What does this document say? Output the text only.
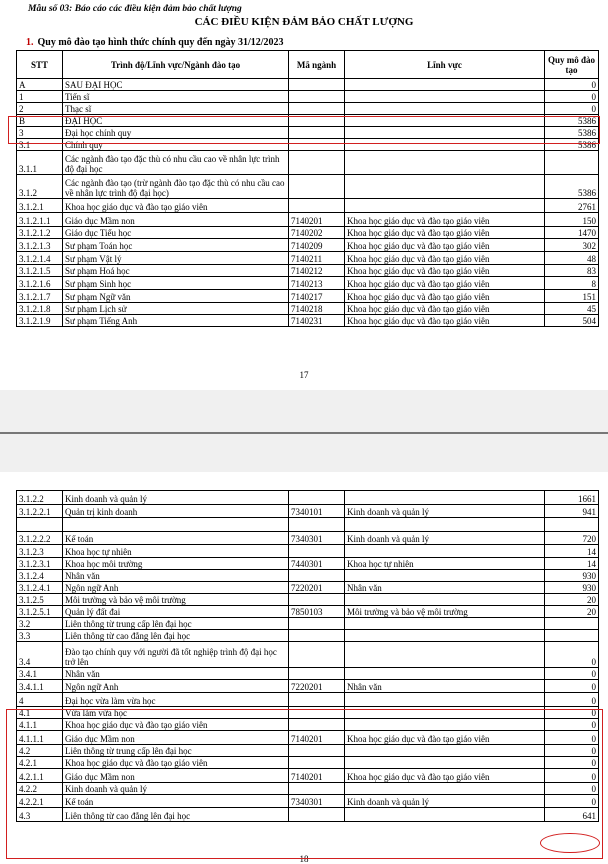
Mẫu số 03: Báo cáo các điều kiện đảm bảo chất lượng
CÁC ĐIỀU KIỆN ĐẢM BẢO CHẤT LƯỢNG
1. Quy mô đào tạo hình thức chính quy đến ngày 31/12/2023
STT	Trình độ/Lĩnh vực/Ngành đào tạo	Mã ngành	Lĩnh vực	Quy mô đào tạo
A	SAU ĐẠI HỌC			0
1	Tiến sĩ			0
2	Thạc sĩ			0
B	ĐẠI HỌC			5386
3	Đại học chính quy			5386
3.1	Chính quy			5386
3.1.1	Các ngành đào tạo đặc thù có nhu cầu cao về nhân lực trình độ đại học			
3.1.2	Các ngành đào tạo (trừ ngành đào tạo đặc thù có nhu cầu cao về nhân lực trình độ đại học)			5386
3.1.2.1	Khoa học giáo dục và đào tạo giáo viên			2761
3.1.2.1.1	Giáo dục Mầm non	7140201	Khoa học giáo dục và đào tạo giáo viên	150
3.1.2.1.2	Giáo dục Tiểu học	7140202	Khoa học giáo dục và đào tạo giáo viên	1470
3.1.2.1.3	Sư phạm Toán học	7140209	Khoa học giáo dục và đào tạo giáo viên	302
3.1.2.1.4	Sư phạm Vật lý	7140211	Khoa học giáo dục và đào tạo giáo viên	48
3.1.2.1.5	Sư phạm Hoá học	7140212	Khoa học giáo dục và đào tạo giáo viên	83
3.1.2.1.6	Sư phạm Sinh học	7140213	Khoa học giáo dục và đào tạo giáo viên	8
3.1.2.1.7	Sư phạm Ngữ văn	7140217	Khoa học giáo dục và đào tạo giáo viên	151
3.1.2.1.8	Sư phạm Lịch sử	7140218	Khoa học giáo dục và đào tạo giáo viên	45
3.1.2.1.9	Sư phạm Tiếng Anh	7140231	Khoa học giáo dục và đào tạo giáo viên	504
17
3.1.2.2	Kinh doanh và quản lý			1661
3.1.2.2.1	Quản trị kinh doanh	7340101	Kinh doanh và quản lý	941

3.1.2.2.2	Kế toán	7340301	Kinh doanh và quản lý	720
3.1.2.3	Khoa học tự nhiên			14
3.1.2.3.1	Khoa học môi trường	7440301	Khoa học tự nhiên	14
3.1.2.4	Nhân văn			930
3.1.2.4.1	Ngôn ngữ Anh	7220201	Nhân văn	930
3.1.2.5	Môi trường và bảo vệ môi trường			20
3.1.2.5.1	Quản lý đất đai	7850103	Môi trường và bảo vệ môi trường	20
3.2	Liên thông từ trung cấp lên đại học			
3.3	Liên thông từ cao đẳng lên đại học			
3.4	Đào tạo chính quy với người đã tốt nghiệp trình độ đại học trở lên			0
3.4.1	Nhân văn			0
3.4.1.1	Ngôn ngữ Anh	7220201	Nhân văn	0
4	Đại học vừa làm vừa học			0
4.1	Vừa làm vừa học			0
4.1.1	Khoa học giáo dục và đào tạo giáo viên			0
4.1.1.1	Giáo dục Mầm non	7140201	Khoa học giáo dục và đào tạo giáo viên	0
4.2	Liên thông từ trung cấp lên đại học			0
4.2.1	Khoa học giáo dục và đào tạo giáo viên			0
4.2.1.1	Giáo dục Mầm non	7140201	Khoa học giáo dục và đào tạo giáo viên	0
4.2.2	Kinh doanh và quản lý			0
4.2.2.1	Kế toán	7340301	Kinh doanh và quản lý	0
4.3	Liên thông từ cao đẳng lên đại học			641
18
